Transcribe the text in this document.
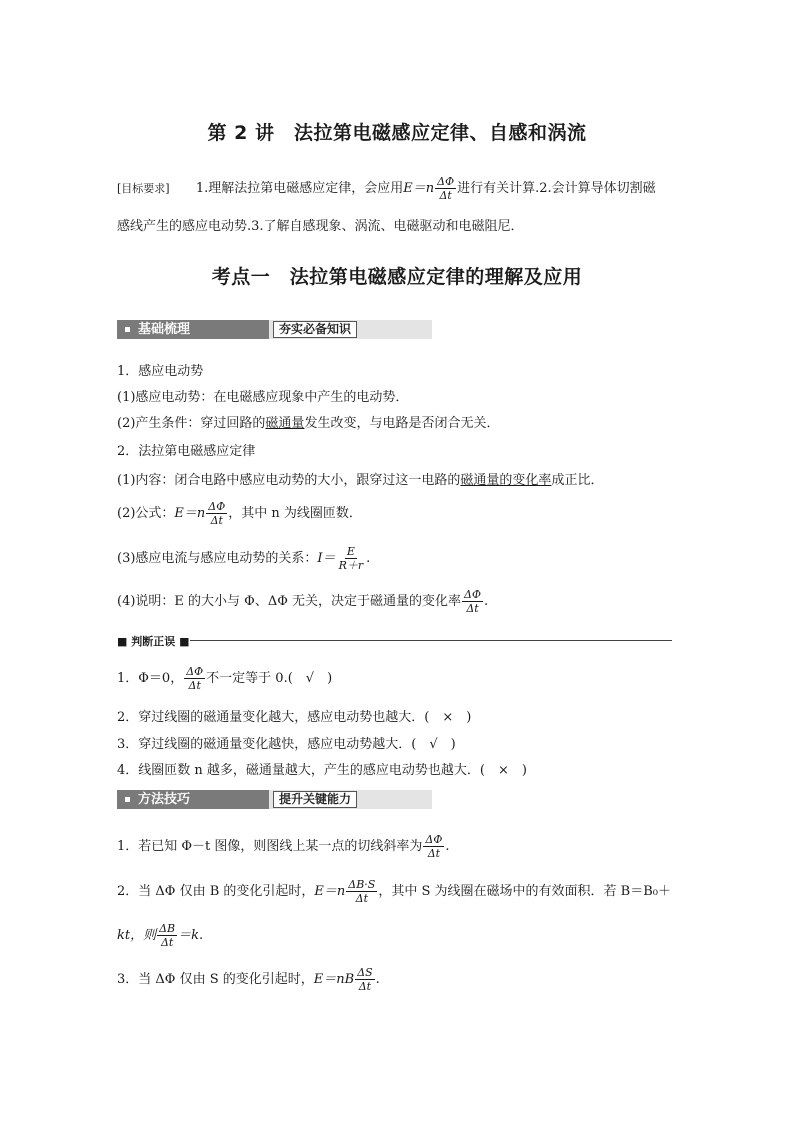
第 2 讲　法拉第电磁感应定律、自感和涡流
[目标要求] 1.理解法拉第电磁感应定律，会应用$E=n \frac{\Delta\Phi}{\Delta t}$ 进行有关计算.2.会计算导体切割磁
感线产生的感应电动势.3.了解自感现象、涡流、电磁驱动和电磁阻尼．
考点一　法拉第电磁感应定律的理解及应用
基础梳理	夯实必备知识
1．感应电动势
(1)感应电动势：在电磁感应现象中产生的电动势．
(2)产生条件：穿过回路的磁通量发生改变，与电路是否闭合无关．
2．法拉第电磁感应定律
(1)内容：闭合电路中感应电动势的大小，跟穿过这一电路的磁通量的变化率成正比．
(2)公式：$E=n \frac{\Delta\Phi}{\Delta t}$ ，其中 n 为线圈匝数．
(3)感应电流与感应电动势的关系：$I= \frac{E}{R+r}$ .
(4)说明：E 的大小与 Φ、ΔΦ 无关，决定于磁通量的变化率 $\frac{\Delta\Phi}{\Delta t}$ .
■ 判断正误 ■
1．Φ＝0， $\frac{\Delta\Phi}{\Delta t}$ 不一定等于 0.(　√　)
2．穿过线圈的磁通量变化越大，感应电动势也越大．(　×　)
3．穿过线圈的磁通量变化越快，感应电动势越大．(　√　)
4．线圈匝数 n 越多，磁通量越大，产生的感应电动势也越大．(　×　)
方法技巧	提升关键能力
1．若已知 Φ－t 图像，则图线上某一点的切线斜率为 $\frac{\Delta\Phi}{\Delta t}$ .
2．当 ΔΦ 仅由 B 的变化引起时，$E=n \frac{\Delta B\cdot S}{\Delta t}$ ，其中 S 为线圈在磁场中的有效面积．若 B＝B₀＋
kt，则 $\frac{\Delta B}{\Delta t} =k$.
3．当 ΔΦ 仅由 S 的变化引起时，$E=nB \frac{\Delta S}{\Delta t}$ .
